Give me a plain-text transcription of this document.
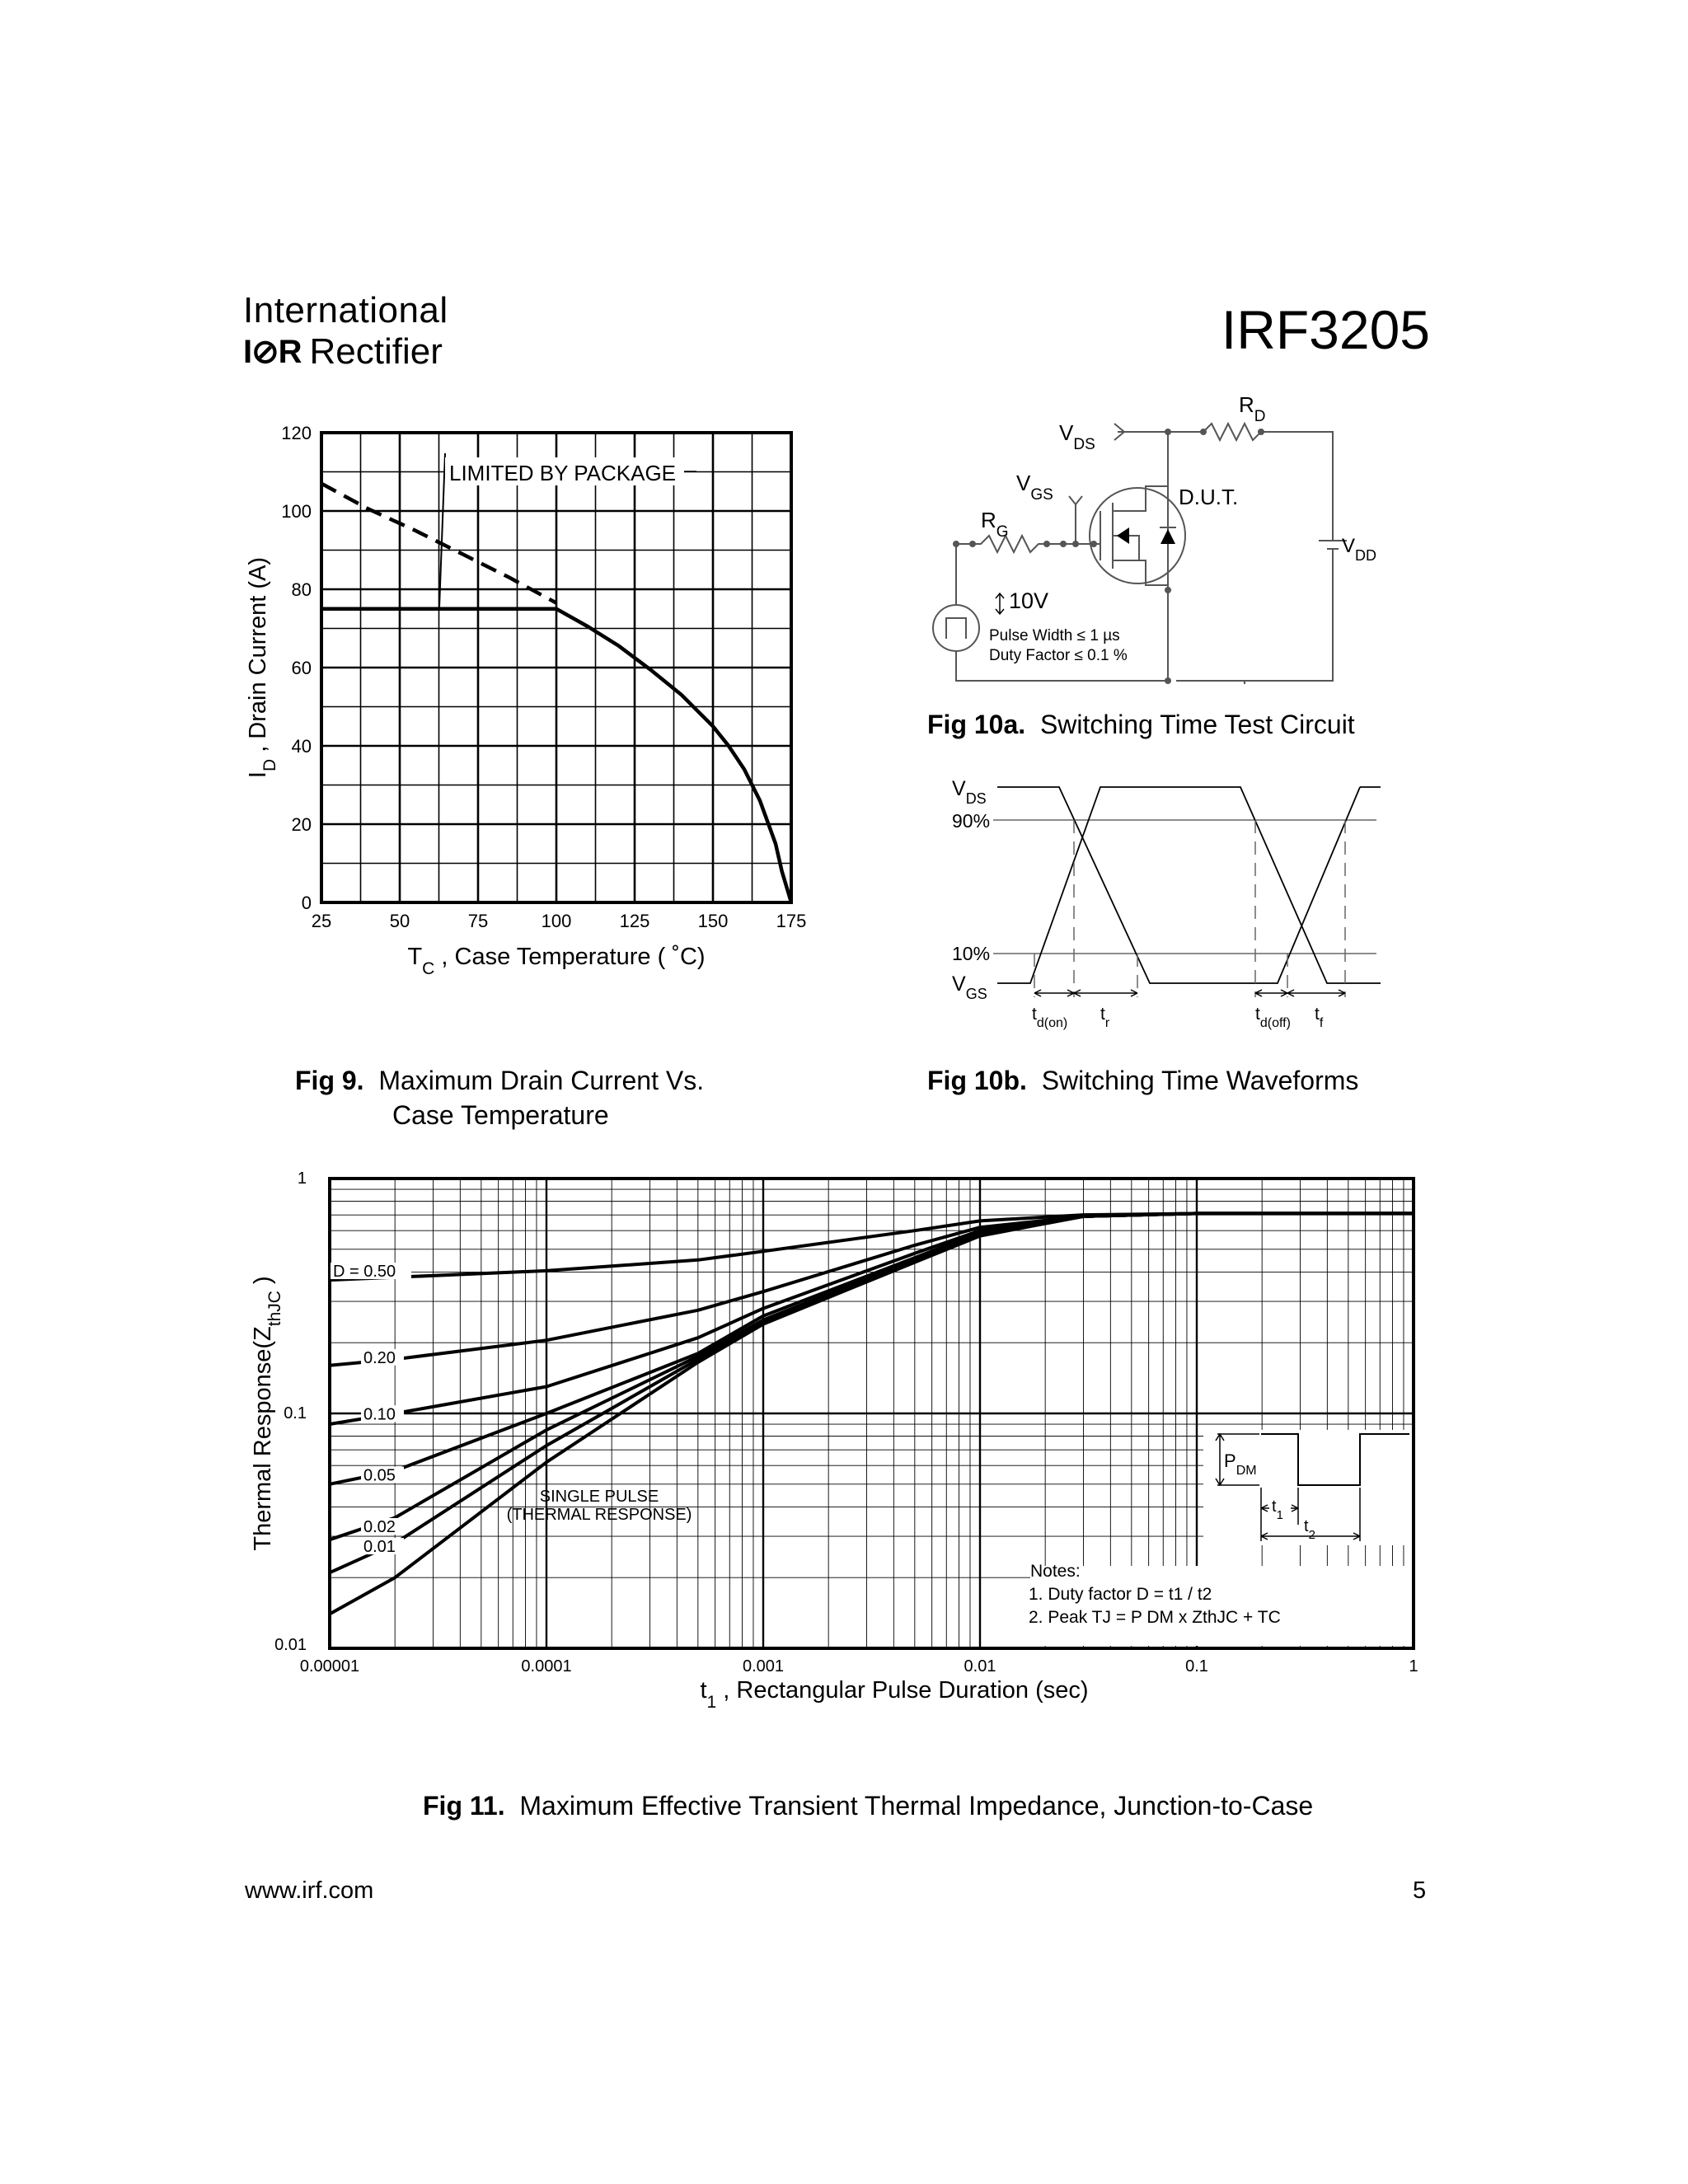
International
I⊘R Rectifier	IRF3205
25	50	75	100	125	150	175
0
20
40
60
80
100
120
LIMITED BY PACKAGE
$T_C$ , Case Temperature ( ˚C)
$I_D$ , Drain Current (A)
Fig 9. Maximum Drain Current Vs.
Case Temperature
$V_{DS}$
$R_D$
$V_{GS}$
$R_G$
D.U.T.
$V_{DD}$
10V
Pulse Width ≤ 1 µs
Duty Factor ≤ 0.1 %
Fig 10a. Switching Time Test Circuit
$V_{DS}$
90%
10%
$V_{GS}$
$t_{d(on)}$ $t_r$	$t_{d(off)}$ $t_f$
Fig 10b. Switching Time Waveforms
0.00001	0.0001	0.001	0.01	0.1	1
0.01
0.1
1
D = 0.50
0.20
0.10
0.05
0.02
0.01
SINGLE PULSE
(THERMAL RESPONSE)
$P_{DM}$
$t_1$
$t_2$
Notes:
1. Duty factor D = t1 / t2
2. Peak TJ = P DM x ZthJC + TC
$t_1$ , Rectangular Pulse Duration (sec)
Thermal $Response(Z_{thJC}$ )
Fig 11. Maximum Effective Transient Thermal Impedance, Junction-to-Case
www.irf.com	5
